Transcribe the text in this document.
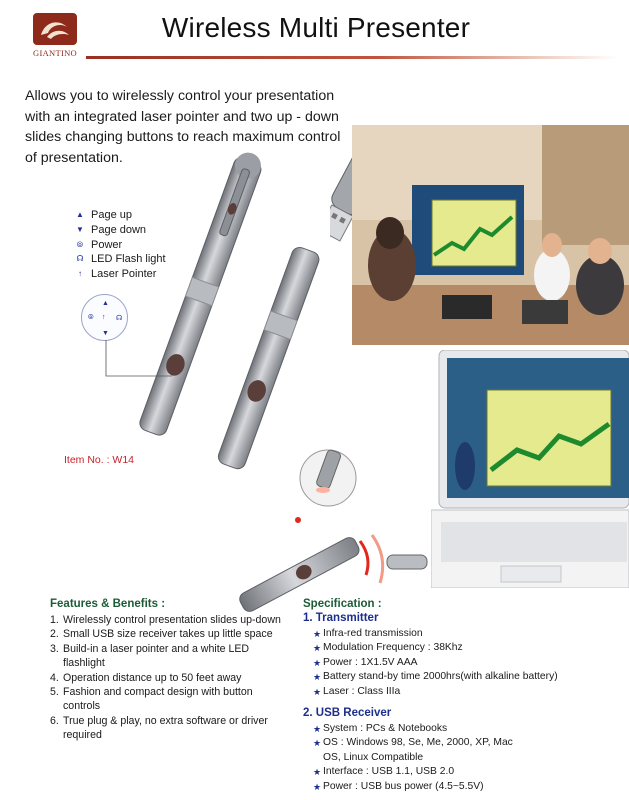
GIANTINO
Wireless Multi Presenter
Allows you to wirelessly control your presentation with an integrated laser pointer and two up - down slides changing buttons to reach maximum control of presentation.
▲ Page up
▼ Page down
⦾ Power
☊ LED Flash light
↑ Laser Pointer
▲
▼
⦾	☊
↑
Item No. : W14
Features & Benefits :
1. Wirelessly control presentation slides up-down
2. Small USB size receiver takes up little space
3. Build-in a laser pointer and a white LED flashlight
4. Operation distance up to 50 feet away
5. Fashion and compact design with button controls
6. True plug & play, no extra software or driver required
Specification :
1. Transmitter
★ Infra-red transmission
★ Modulation Frequency : 38Khz
★ Power : 1X1.5V AAA
★ Battery stand-by time 2000hrs(with alkaline battery)
★ Laser : Class IIIa
2. USB Receiver
★ System : PCs & Notebooks
★ OS : Windows 98, Se, Me, 2000, XP, Mac OS, Linux Compatible
★ Interface : USB 1.1, USB 2.0
★ Power : USB bus power (4.5~5.5V)
